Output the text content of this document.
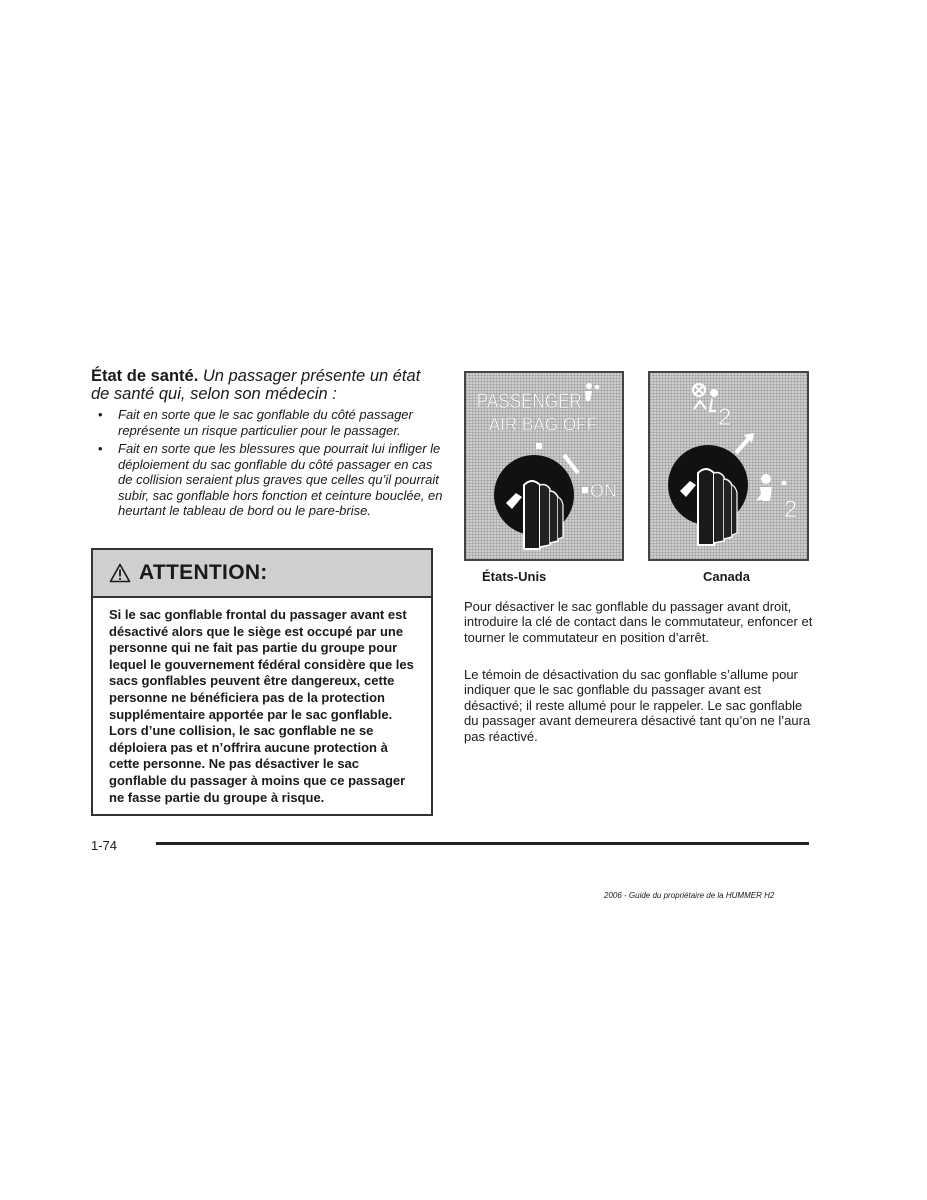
État de santé. Un passager présente un état de santé qui, selon son médecin :
• Fait en sorte que le sac gonflable du côté passager représente un risque particulier pour le passager.
• Fait en sorte que les blessures que pourrait lui infliger le déploiement du sac gonflable du côté passager en cas de collision seraient plus graves que celles qu’il pourrait subir, sac gonflable hors fonction et ceinture bouclée, en heurtant le tableau de bord ou le pare-brise.
ATTENTION:
Si le sac gonflable frontal du passager avant est désactivé alors que le siège est occupé par une personne qui ne fait pas partie du groupe pour lequel le gouvernement fédéral considère que les sacs gonflables peuvent être dangereux, cette personne ne bénéficiera pas de la protection supplémentaire apportée par le sac gonflable. Lors d’une collision, le sac gonflable ne se déploiera pas et n’offrira aucune protection à cette personne. Ne pas désactiver le sac gonflable du passager à moins que ce passager ne fasse partie du groupe à risque.
PASSENGER
AIR BAG OFF
ON
2
2
États-Unis	Canada

Pour désactiver le sac gonflable du passager avant droit, introduire la clé de contact dans le commutateur, enfoncer et tourner le commutateur en position d’arrêt.

Le témoin de désactivation du sac gonflable s’allume pour indiquer que le sac gonflable du passager avant est désactivé; il reste allumé pour le rappeler. Le sac gonflable du passager avant demeurera désactivé tant qu’on ne l’aura pas réactivé.

1-74
2006 - Guide du propriétaire de la HUMMER H2
